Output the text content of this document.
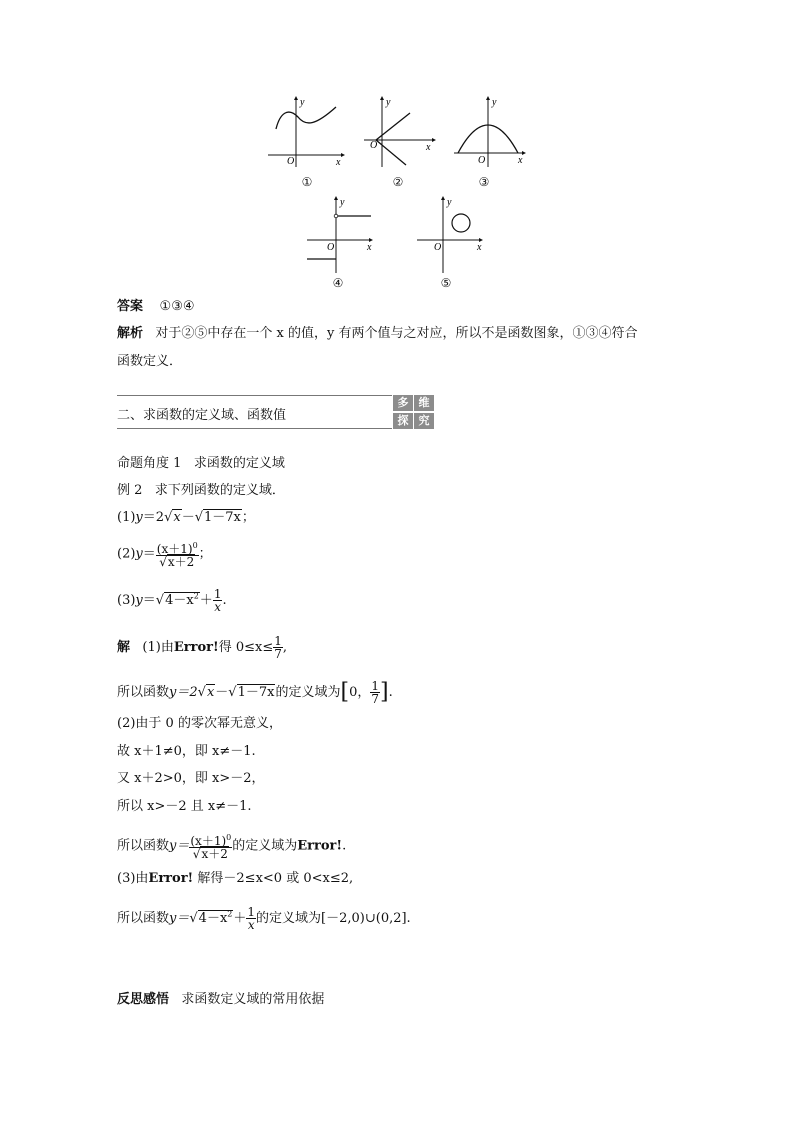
y
x
O
①
y
x
O
②
y
x
O
③
y
x
O
④
y
x
O
⑤
答案 ①③④
解析 对于②⑤中存在一个 x 的值，y 有两个值与之对应，所以不是函数图象，①③④符合
函数定义．
二、求函数的定义域、函数值
多 维
探 究
命题角度 1 求函数的定义域
例 2 求下列函数的定义域．
(1)y＝2√x－√1－7x；
$(2)y= \frac{(x+1)^0}{√x+2}$ ；
$(3)y=√4-x^2+ \frac{1}{x}$ .
解 (1)由Error!得 $0\le x\le \frac{1}{7}$ ,
所以函数y＝2√x－√1－7x的定义域为[0， $\frac{1}{7}$ ].
(2)由于 0 的零次幂无意义，
故 x＋1≠0，即 x≠－1.
又 x＋2>0，即 x>－2，
所以 x>－2 且 x≠－1.
所以函数$y= \frac{(x+1)^0}{√x+2}$ 的定义域为Error!.
(3)由Error! 解得－2≤x<0 或 0<x≤2,
所以函数$y=√4-x^2+ \frac{1}{x}$ 的定义域为[－2,0)∪(0,2].
反思感悟 求函数定义域的常用依据
